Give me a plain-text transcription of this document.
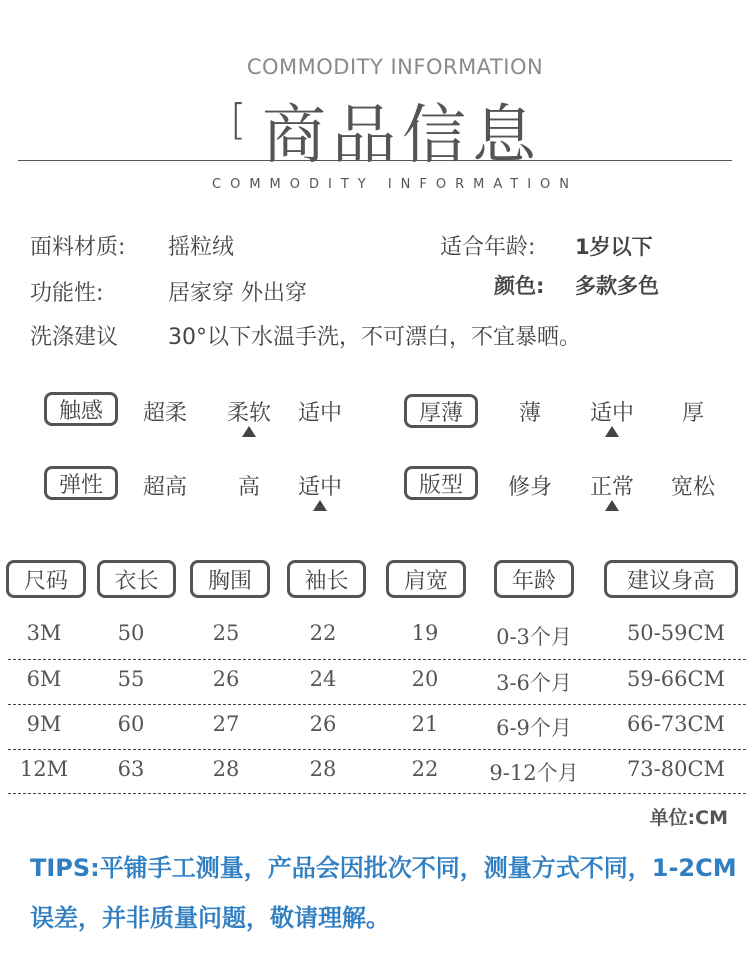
COMMODITY INFORMATION
[ 商品信息
COMMODITY INFORMATION
面料材质: 摇粒绒	适合年龄: 1岁以下
功能性:	居家穿 外出穿	颜色: 多款多色
洗涤建议 30°以下水温手洗，不可漂白，不宜暴晒。
触感	超柔	柔软	适中	厚薄	薄	适中	厚
弹性	超高	高	适中	版型	修身	正常	宽松
尺码	衣长	胸围	袖长	肩宽	年龄	建议身高
3M	50	25	22	19	0-3个月	50-59CM
6M	55	26	24	20	3-6个月	59-66CM
9M	60	27	26	21	6-9个月	66-73CM
12M	63	28	28	22	9-12个月	73-80CM
单位:CM
TIPS:平铺手工测量，产品会因批次不同，测量方式不同，1-2CM误差，并非质量问题，敬请理解。
